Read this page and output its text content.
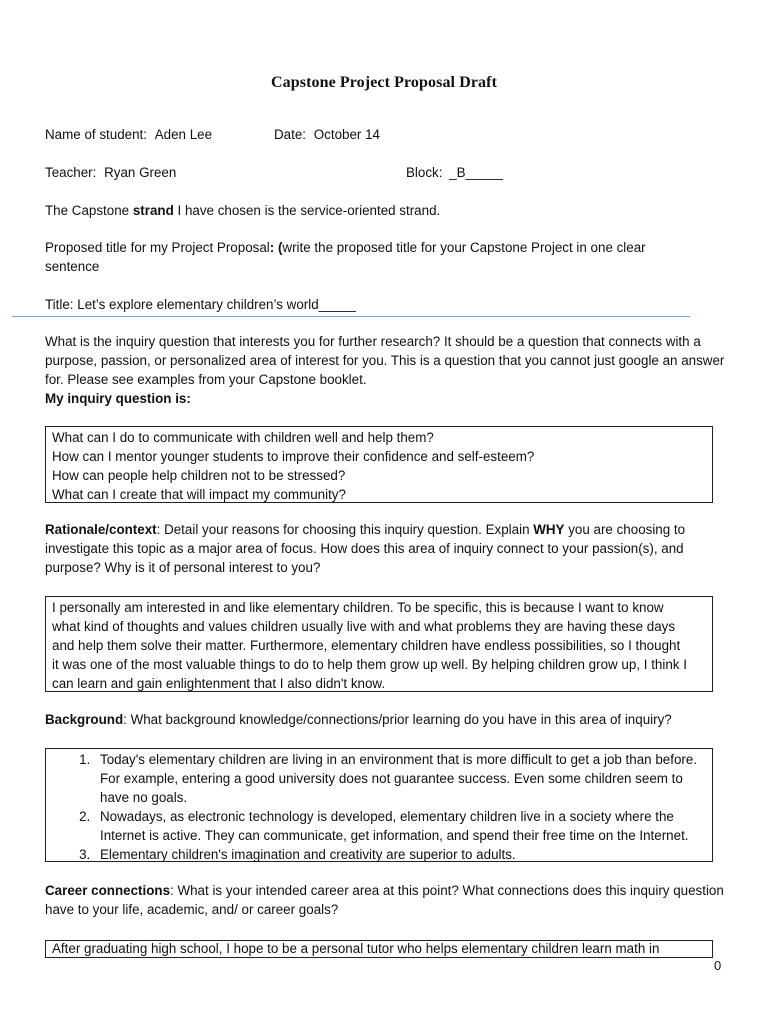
Capstone Project Proposal Draft
Name of student: Aden Lee	Date: October 14
Teacher: Ryan Green	Block: _B_____
The Capstone strand I have chosen is the service-oriented strand.
Proposed title for my Project Proposal: (write the proposed title for your Capstone Project in one clear sentence
Title: Let’s explore elementary children’s world_____
What is the inquiry question that interests you for further research? It should be a question that connects with a purpose, passion, or personalized area of interest for you. This is a question that you cannot just google an answer for. Please see examples from your Capstone booklet.
My inquiry question is:
What can I do to communicate with children well and help them?
How can I mentor younger students to improve their confidence and self-esteem?
How can people help children not to be stressed?
What can I create that will impact my community?
Rationale/context: Detail your reasons for choosing this inquiry question. Explain WHY you are choosing to investigate this topic as a major area of focus. How does this area of inquiry connect to your passion(s), and purpose? Why is it of personal interest to you?
I personally am interested in and like elementary children. To be specific, this is because I want to know
what kind of thoughts and values children usually live with and what problems they are having these days
and help them solve their matter. Furthermore, elementary children have endless possibilities, so I thought
it was one of the most valuable things to do to help them grow up well. By helping children grow up, I think I
can learn and gain enlightenment that I also didn't know.
Background: What background knowledge/connections/prior learning do you have in this area of inquiry?
1. Today's elementary children are living in an environment that is more difficult to get a job than before. For example, entering a good university does not guarantee success. Even some children seem to have no goals.
2. Nowadays, as electronic technology is developed, elementary children live in a society where the Internet is active. They can communicate, get information, and spend their free time on the Internet.
3. Elementary children's imagination and creativity are superior to adults.
Career connections: What is your intended career area at this point? What connections does this inquiry question have to your life, academic, and/ or career goals?
After graduating high school, I hope to be a personal tutor who helps elementary children learn math in
0
